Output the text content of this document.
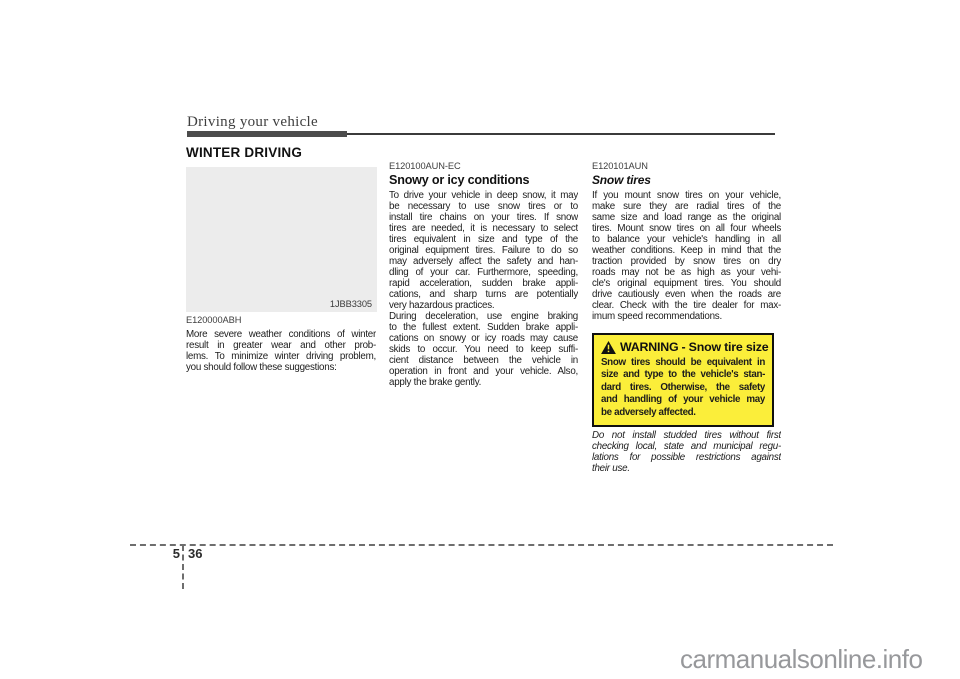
Driving your vehicle
WINTER DRIVING
1JBB3305
E120000ABH
More severe weather conditions of winter
result in greater wear and other prob-
lems. To minimize winter driving problem,
you should follow these suggestions:
E120100AUN-EC
Snowy or icy conditions
To drive your vehicle in deep snow, it may
be necessary to use snow tires or to
install tire chains on your tires. If snow
tires are needed, it is necessary to select
tires equivalent in size and type of the
original equipment tires. Failure to do so
may adversely affect the safety and han-
dling of your car. Furthermore, speeding,
rapid acceleration, sudden brake appli-
cations, and sharp turns are potentially
very hazardous practices.
During deceleration, use engine braking
to the fullest extent. Sudden brake appli-
cations on snowy or icy roads may cause
skids to occur. You need to keep suffi-
cient distance between the vehicle in
operation in front and your vehicle. Also,
apply the brake gently.
E120101AUN
Snow tires
If you mount snow tires on your vehicle,
make sure they are radial tires of the
same size and load range as the original
tires. Mount snow tires on all four wheels
to balance your vehicle's handling in all
weather conditions. Keep in mind that the
traction provided by snow tires on dry
roads may not be as high as your vehi-
cle's original equipment tires. You should
drive cautiously even when the roads are
clear. Check with the tire dealer for max-
imum speed recommendations.
WARNING - Snow tire size
Snow tires should be equivalent in
size and type to the vehicle's stan-
dard tires. Otherwise, the safety
and handling of your vehicle may
be adversely affected.
Do not install studded tires without first
checking local, state and municipal regu-
lations for possible restrictions against
their use.
5 36
carmanualsonline.info
